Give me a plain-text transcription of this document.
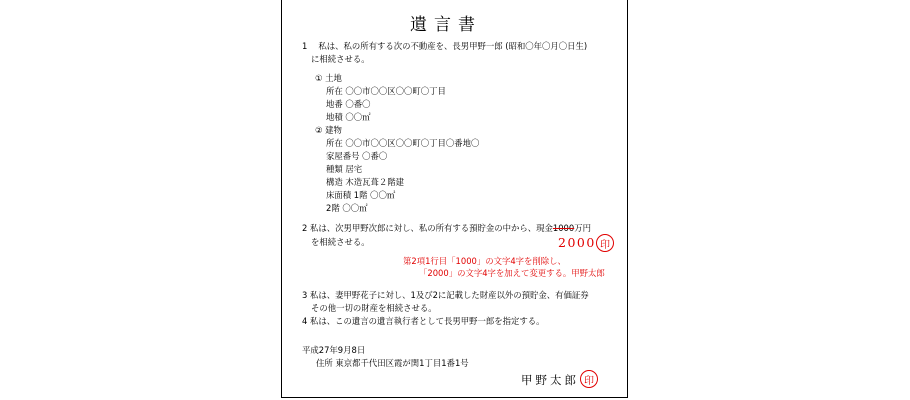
遺言書
1　 私は、私の所有する次の不動産を、長男甲野一郎 (昭和〇年〇月〇日生)
に相続させる。
① 土地
所在 〇〇市〇〇区〇〇町〇丁目
地番 〇番〇
地積 〇〇㎡
② 建物
所在 〇〇市〇〇区〇〇町〇丁目〇番地〇
家屋番号 〇番〇
種類 居宅
構造 木造瓦葺２階建
床面積 1階 〇〇㎡
2階 〇〇㎡
2 私は、次男甲野次郎に対し、私の所有する預貯金の中から、現金1000万円
を相続させる。	2000 印
第2項1行目「1000」の文字4字を削除し、
「2000」の文字4字を加えて変更する。甲野太郎
3 私は、妻甲野花子に対し、1及び2に記載した財産以外の預貯金、有価証券
その他一切の財産を相続させる。
4 私は、この遺言の遺言執行者として長男甲野一郎を指定する。
平成27年9月8日
住所 東京都千代田区霞が関1丁目1番1号
甲野太郎 印
